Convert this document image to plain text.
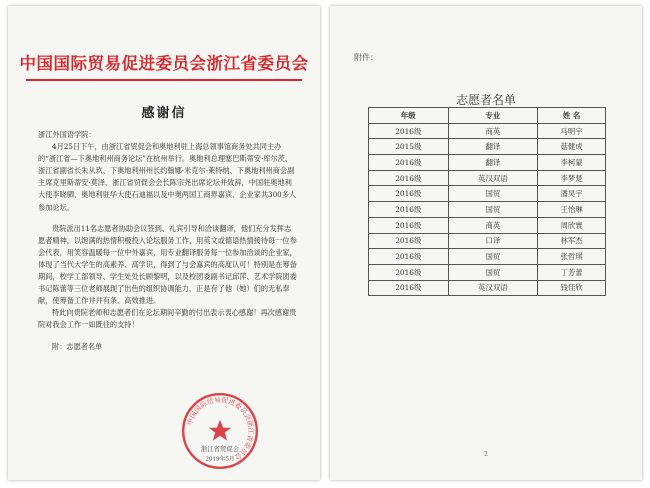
中国国际贸易促进委员会浙江省委员会
感谢信

浙江外国语学院：

4月25日下午，由浙江省贸促会和奥地利驻上海总领事馆商务处共同主办的“浙江省—下奥地利州商务论坛”在杭州举行。奥地利总理塞巴斯蒂安·库尔茨、浙江省副省长朱从玖、下奥地利州州长约翰娜·米克尔-莱特纳、下奥地利州商会副主席克里斯蒂安·莫泽、浙江省贸促会会长陈宗尧出席论坛并致辞，中国驻奥地利大使李晓驷、奥地利驻华大使石迪福以及中奥两国工商界嘉宾、企业家共300多人参加论坛。

贵院派出11名志愿者协助会议签到、礼宾引导和洽谈翻译，他们充分发挥志愿者精神，以饱满的热情积极投入论坛服务工作，用英文或德语热情接待每一位参会代表，用笑容温暖每一位中外嘉宾，用专业翻译服务每一位参加洽谈的企业家，体现了当代大学生的高素养、高学识，得到了与会嘉宾的高度认可！特别是在筹备期间，校学工部领导、学生处处长顾黎明，以及校团委副书记邱萍、艺术学院团委书记陈蕾等三位老师展现了出色的组织协调能力，正是有了他（她）们的无私奉献，使筹备工作井井有条、高效推进。

特此向贵院老师和志愿者们在论坛期间辛勤的付出表示衷心感谢！再次感谢贵院对我会工作一如既往的支持！

附：志愿者名单

中国国际贸易促进委员会浙江省委员会
浙江省贸促会
2019年5月
附件：
志愿者名单
年级	专业	姓 名
2016级	商英	马明宇
2015级	翻译	菇健成
2016级	翻译	李柯蒙
2016级	英汉双语	李梦楚
2016级	国贸	潘昊宇
2016级	国贸	王怡琳
2016级	商英	周欣寰
2016级	口译	林军杰
2016级	国贸	张哲琪
2016级	国贸	丁芳蕾
2016级	英汉双语	钱佳欣
2
